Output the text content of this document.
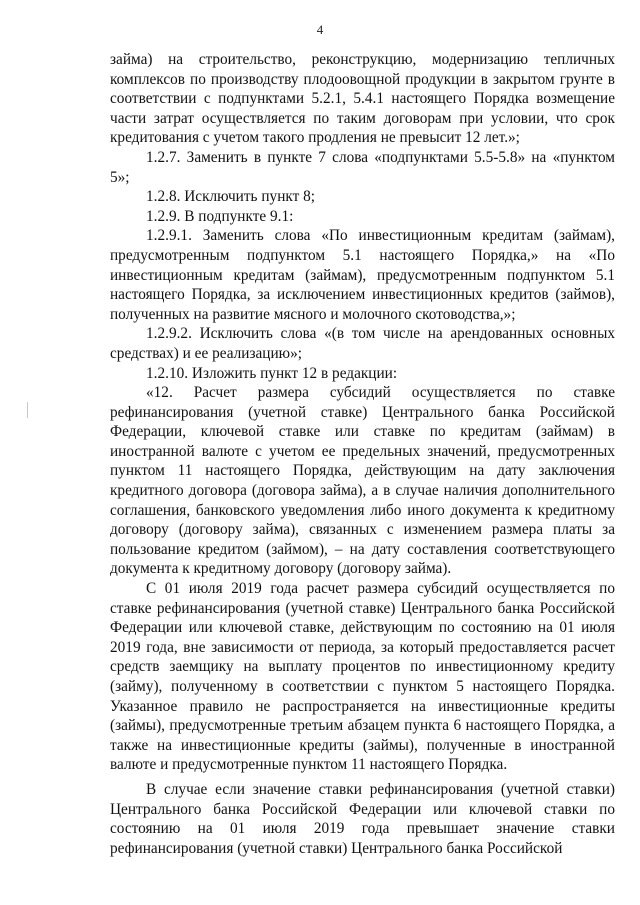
4

займа) на строительство, реконструкцию, модернизацию тепличных комплексов по производству плодоовощной продукции в закрытом грунте в соответствии с подпунктами 5.2.1, 5.4.1 настоящего Порядка возмещение части затрат осуществляется по таким договорам при условии, что срок кредитования с учетом такого продления не превысит 12 лет.»;

1.2.7. Заменить в пункте 7 слова «подпунктами 5.5-5.8» на «пунктом 5»;

1.2.8. Исключить пункт 8;

1.2.9. В подпункте 9.1:

1.2.9.1. Заменить слова «По инвестиционным кредитам (займам), предусмотренным подпунктом 5.1 настоящего Порядка,» на «По инвестиционным кредитам (займам), предусмотренным подпунктом 5.1 настоящего Порядка, за исключением инвестиционных кредитов (займов), полученных на развитие мясного и молочного скотоводства,»;

1.2.9.2. Исключить слова «(в том числе на арендованных основных средствах) и ее реализацию»;

1.2.10. Изложить пункт 12 в редакции:

«12. Расчет размера субсидий осуществляется по ставке рефинансирования (учетной ставке) Центрального банка Российской Федерации, ключевой ставке или ставке по кредитам (займам) в иностранной валюте с учетом ее предельных значений, предусмотренных пунктом 11 настоящего Порядка, действующим на дату заключения кредитного договора (договора займа), а в случае наличия дополнительного соглашения, банковского уведомления либо иного документа к кредитному договору (договору займа), связанных с изменением размера платы за пользование кредитом (займом), – на дату составления соответствующего документа к кредитному договору (договору займа).

С 01 июля 2019 года расчет размера субсидий осуществляется по ставке рефинансирования (учетной ставке) Центрального банка Российской Федерации или ключевой ставке, действующим по состоянию на 01 июля 2019 года, вне зависимости от периода, за который предоставляется расчет средств заемщику на выплату процентов по инвестиционному кредиту (займу), полученному в соответствии с пунктом 5 настоящего Порядка. Указанное правило не распространяется на инвестиционные кредиты (займы), предусмотренные третьим абзацем пункта 6 настоящего Порядка, а также на инвестиционные кредиты (займы), полученные в иностранной валюте и предусмотренные пунктом 11 настоящего Порядка.

В случае если значение ставки рефинансирования (учетной ставки) Центрального банка Российской Федерации или ключевой ставки по состоянию на 01 июля 2019 года превышает значение ставки рефинансирования (учетной ставки) Центрального банка Российской
